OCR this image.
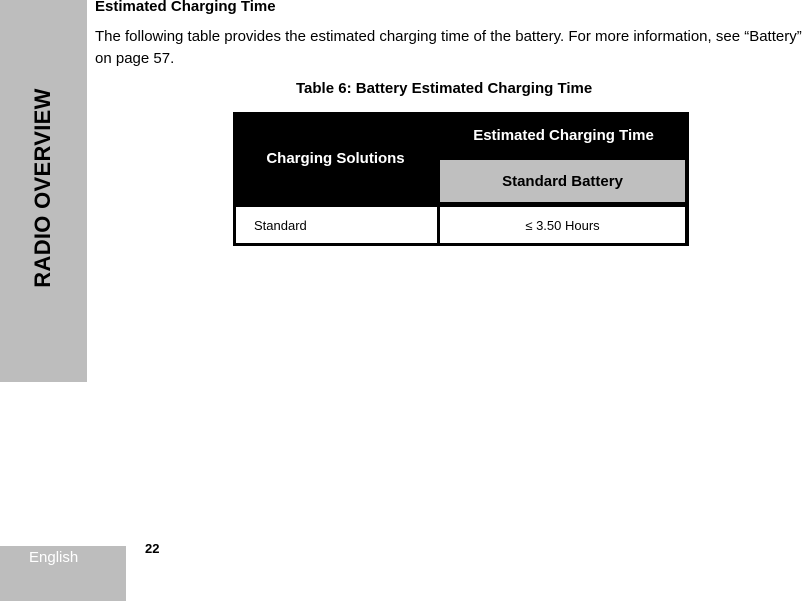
RADIO OVERVIEW
Estimated Charging Time

The following table provides the estimated charging time of the battery. For more information, see “Battery” on page 57.

Table 6: Battery Estimated Charging Time
Charging Solutions
Estimated Charging Time
Standard Battery
Standard	≤ 3.50 Hours
English
22
